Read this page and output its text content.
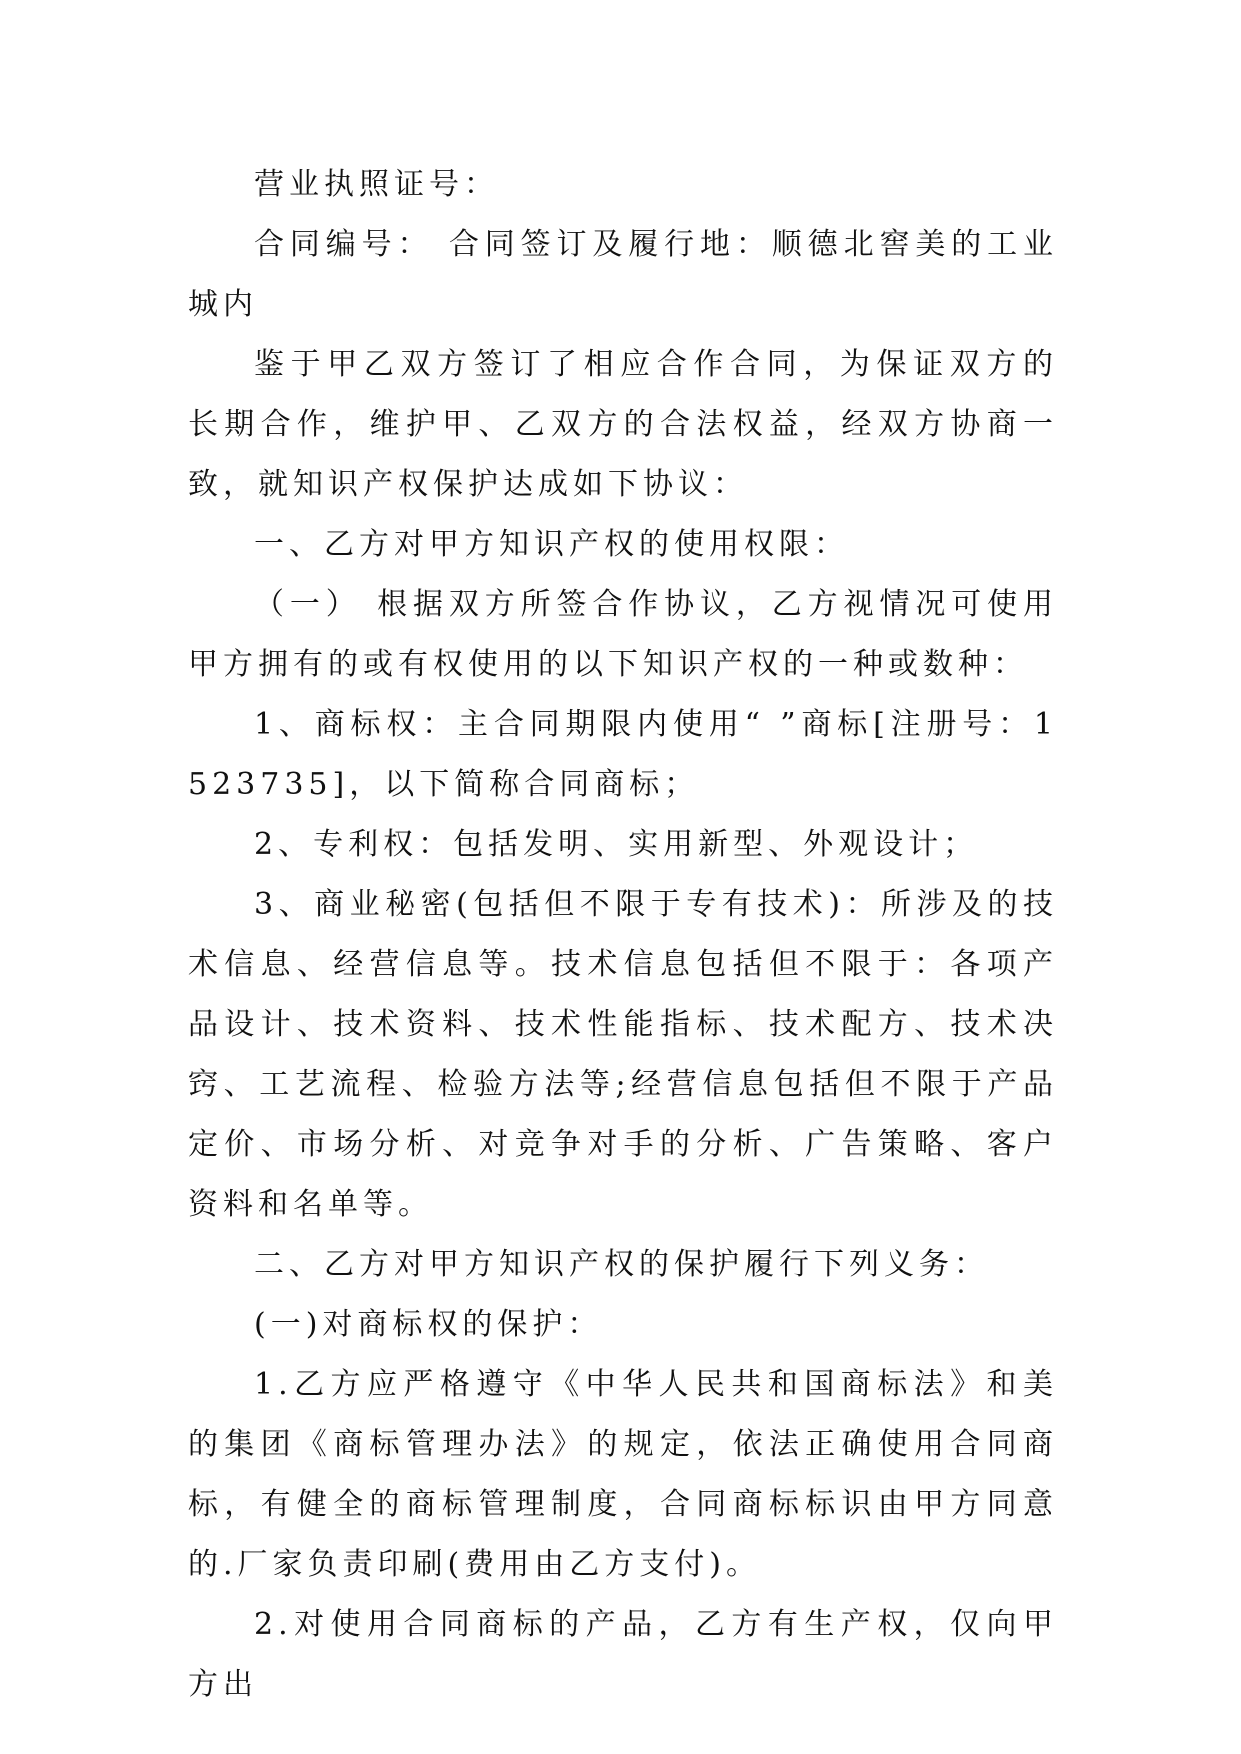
营业执照证号：

合同编号： 合同签订及履行地：顺德北窖美的工业城内

鉴于甲乙双方签订了相应合作合同，为保证双方的长期合作，维护甲、乙双方的合法权益，经双方协商一致，就知识产权保护达成如下协议：

一、乙方对甲方知识产权的使用权限：

（一） 根据双方所签合作协议，乙方视情况可使用甲方拥有的或有权使用的以下知识产权的一种或数种：

1、商标权：主合同期限内使用“ ”商标[注册号：1523735]，以下简称合同商标；

2、专利权：包括发明、实用新型、外观设计；

3、商业秘密(包括但不限于专有技术)：所涉及的技术信息、经营信息等。技术信息包括但不限于：各项产品设计、技术资料、技术性能指标、技术配方、技术决窍、工艺流程、检验方法等;经营信息包括但不限于产品定价、市场分析、对竞争对手的分析、广告策略、客户资料和名单等。

二、乙方对甲方知识产权的保护履行下列义务：

(一)对商标权的保护：

1.乙方应严格遵守《中华人民共和国商标法》和美的集团《商标管理办法》的规定，依法正确使用合同商标，有健全的商标管理制度，合同商标标识由甲方同意的.厂家负责印刷(费用由乙方支付)。

2.对使用合同商标的产品，乙方有生产权，仅向甲方出
